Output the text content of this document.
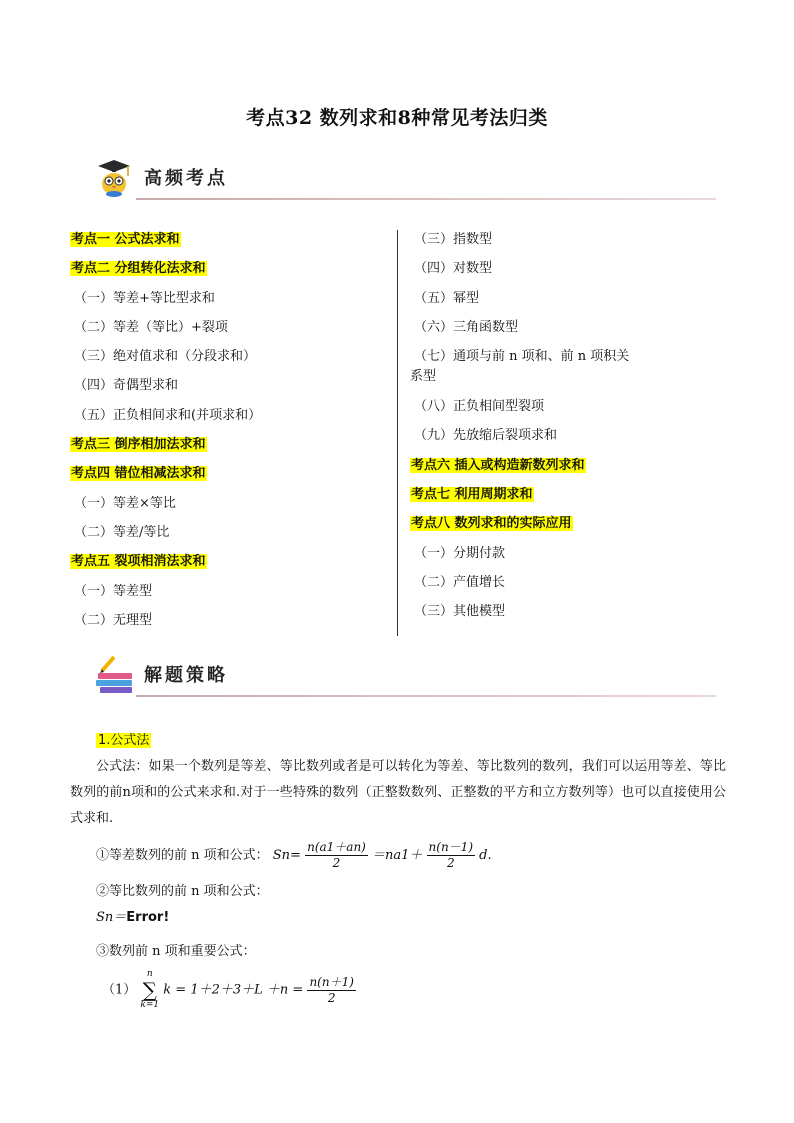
考点32 数列求和8种常见考法归类
高频考点
考点一 公式法求和
考点二 分组转化法求和
（一）等差+等比型求和
（二）等差（等比）+裂项
（三）绝对值求和（分段求和）
（四）奇偶型求和
（五）正负相间求和(并项求和）
考点三 倒序相加法求和
考点四 错位相减法求和
（一）等差×等比
（二）等差/等比
考点五 裂项相消法求和
（一）等差型
（二）无理型
（三）指数型
（四）对数型
（五）幂型
（六）三角函数型
（七）通项与前 n 项和、前 n 项积关系型
（八）正负相间型裂项
（九）先放缩后裂项求和
考点六 插入或构造新数列求和
考点七 利用周期求和
考点八 数列求和的实际应用
（一）分期付款
（二）产值增长
（三）其他模型
解题策略
1.公式法
公式法：如果一个数列是等差、等比数列或者是可以转化为等差、等比数列的数列，我们可以运用等差、等比数列的前n项和的公式来求和.对于一些特殊的数列（正整数数列、正整数的平方和立方数列等）也可以直接使用公式求和.
①等差数列的前 n 项和公式： $Sn= \frac{n(a1+an)}{2} =na1+ \frac{n(n-1)}{2} d$.
②等比数列的前 n 项和公式：
Sn＝Error!
③数列前 n 项和重要公式：
（1）
n
∑
k=1
$k = 1+2+3+L +n = \frac{n(n+1)}{2}$
